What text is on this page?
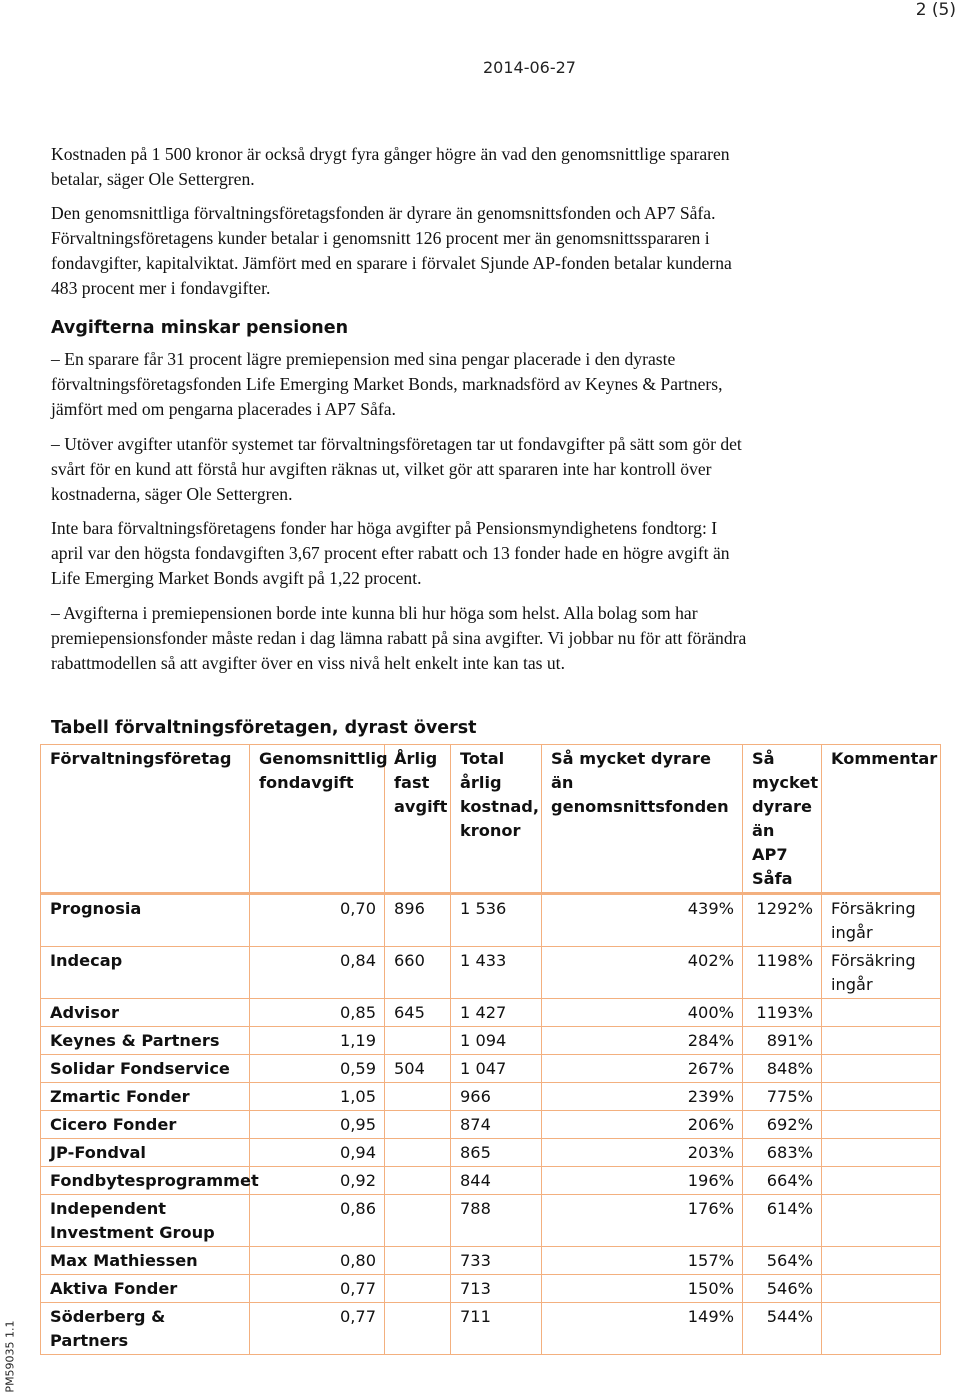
2 (5)
2014-06-27

Kostnaden på 1 500 kronor är också drygt fyra gånger högre än vad den genomsnittlige spararen betalar, säger Ole Settergren.

Den genomsnittliga förvaltningsföretagsfonden är dyrare än genomsnittsfonden och AP7 Såfa. Förvaltningsföretagens kunder betalar i genomsnitt 126 procent mer än genomsnittsspararen i fondavgifter, kapitalviktat. Jämfört med en sparare i förvalet Sjunde AP-fonden betalar kunderna 483 procent mer i fondavgifter.

Avgifterna minskar pensionen

– En sparare får 31 procent lägre premiepension med sina pengar placerade i den dyraste förvaltningsföretagsfonden Life Emerging Market Bonds, marknadsförd av Keynes & Partners, jämfört med om pengarna placerades i AP7 Såfa.

– Utöver avgifter utanför systemet tar förvaltningsföretagen tar ut fondavgifter på sätt som gör det svårt för en kund att förstå hur avgiften räknas ut, vilket gör att spararen inte har kontroll över kostnaderna, säger Ole Settergren.

Inte bara förvaltningsföretagens fonder har höga avgifter på Pensionsmyndighetens fondtorg: I april var den högsta fondavgiften 3,67 procent efter rabatt och 13 fonder hade en högre avgift än Life Emerging Market Bonds avgift på 1,22 procent.

– Avgifterna i premiepensionen borde inte kunna bli hur höga som helst. Alla bolag som har premiepensionsfonder måste redan i dag lämna rabatt på sina avgifter. Vi jobbar nu för att förändra rabattmodellen så att avgifter över en viss nivå helt enkelt inte kan tas ut.

Tabell förvaltningsföretagen, dyrast överst
Förvaltningsföretag	Genomsnittlig fondavgift	Årlig fast avgift	Total årlig kostnad, kronor	Så mycket dyrare än genomsnittsfonden	Så mycket dyrare än AP7 Såfa	Kommentar
Prognosia	0,70	896	1 536	439%	1292%	Försäkring ingår
Indecap	0,84	660	1 433	402%	1198%	Försäkring ingår
Advisor	0,85	645	1 427	400%	1193%	
Keynes & Partners	1,19		1 094	284%	891%	
Solidar Fondservice	0,59	504	1 047	267%	848%	
Zmartic Fonder	1,05		966	239%	775%	
Cicero Fonder	0,95		874	206%	692%	
JP-Fondval	0,94		865	203%	683%	
Fondbytesprogrammet	0,92		844	196%	664%	
Independent Investment Group	0,86		788	176%	614%	
Max Mathiessen	0,80		733	157%	564%	
Aktiva Fonder	0,77		713	150%	546%	
Söderberg & Partners	0,77		711	149%	544%	
PM59035 1.1
